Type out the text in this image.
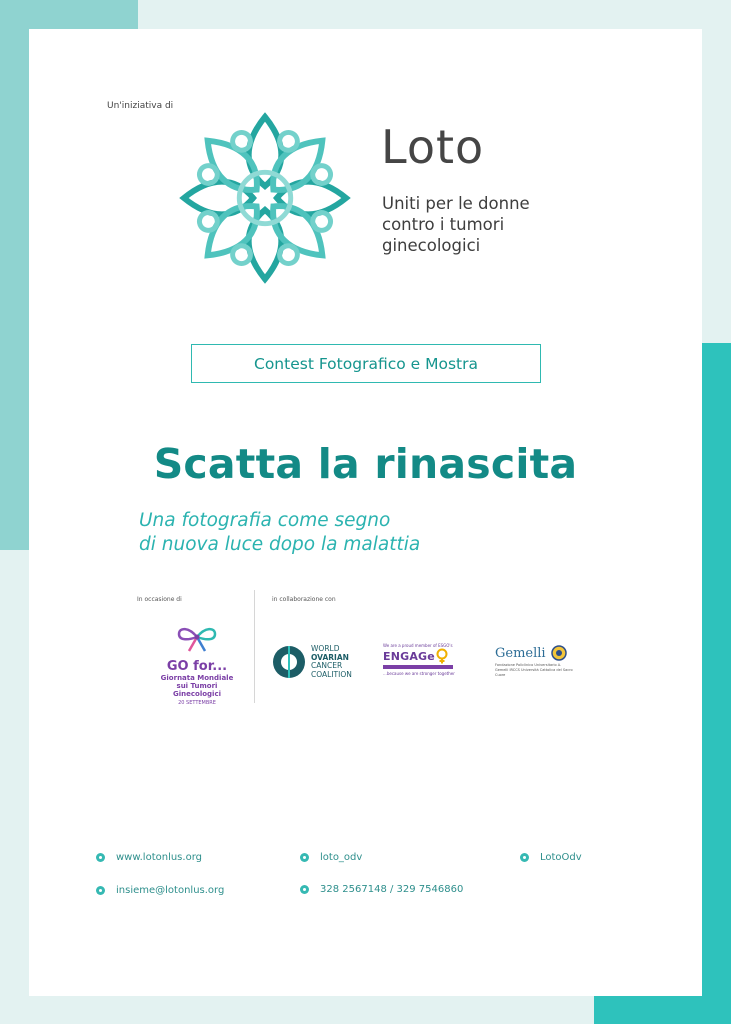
Un'iniziativa di
Loto
Uniti per le donne
contro i tumori
ginecologici
Contest Fotografico e Mostra
Scatta la rinascita
Una fotografia come segno
di nuova luce dopo la malattia
In occasione di	in collaborazione con
GO for...
Giornata Mondiale
sui Tumori Ginecologici
20 SETTEMBRE
WORLD
OVARIAN
CANCER
COALITION
We are a proud member of ESGO's
ENGAGe
...because we are stronger together
Gemelli
Fondazione Policlinico Universitario A. Gemelli IRCCS Università Cattolica del Sacro Cuore
www.lotonlus.org
insieme@lotonlus.org
loto_odv
328 2567148 / 329 7546860
LotoOdv
